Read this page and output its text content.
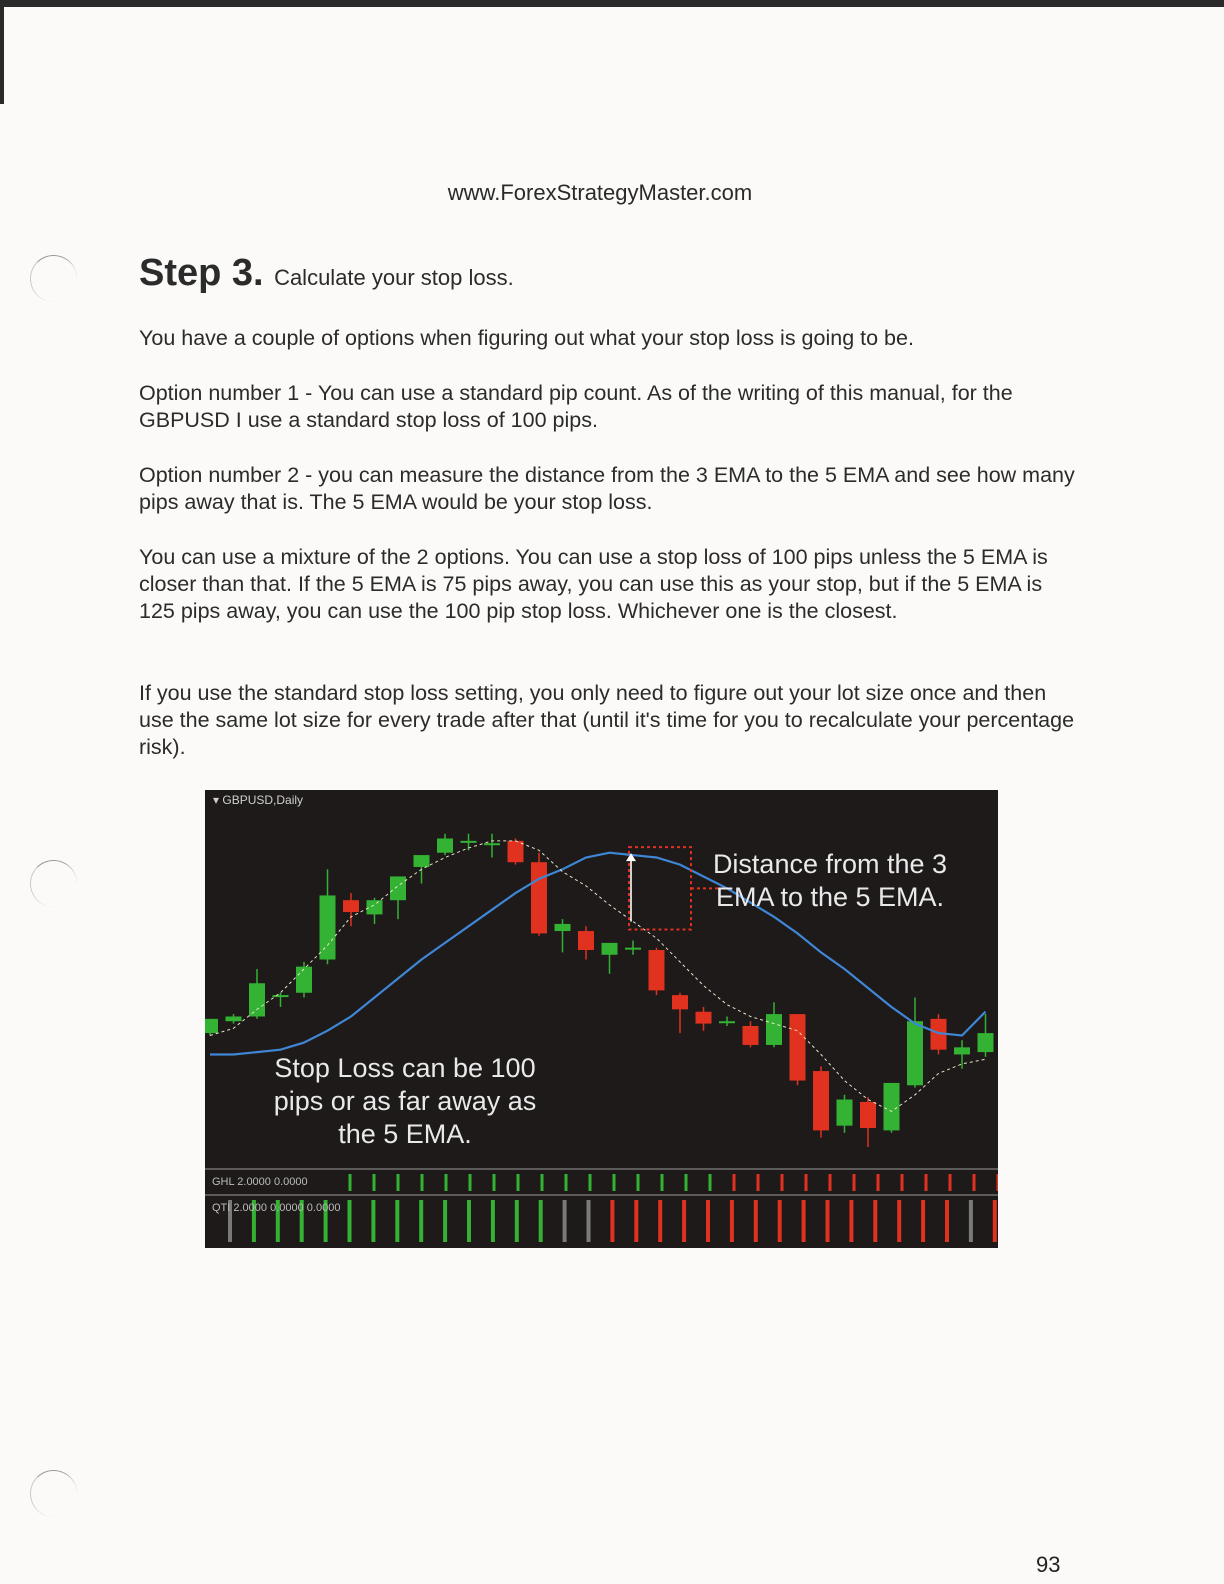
www.ForexStrategyMaster.com
Step 3. Calculate your stop loss.

You have a couple of options when figuring out what your stop loss is going to be.

Option number 1 - You can use a standard pip count. As of the writing of this manual, for the GBPUSD I use a standard stop loss of 100 pips.

Option number 2 - you can measure the distance from the 3 EMA to the 5 EMA and see how many pips away that is. The 5 EMA would be your stop loss.

You can use a mixture of the 2 options. You can use a stop loss of 100 pips unless the 5 EMA is closer than that. If the 5 EMA is 75 pips away, you can use this as your stop, but if the 5 EMA is 125 pips away, you can use the 100 pip stop loss. Whichever one is the closest.

If you use the standard stop loss setting, you only need to figure out your lot size once and then use the same lot size for every trade after that (until it's time for you to recalculate your percentage risk).

▾ GBPUSD,Daily
Distance from the 3 EMA to the 5 EMA.
Stop Loss can be 100 pips or as far away as the 5 EMA.
GHL 2.0000 0.0000
QTI 2.0000 0.0000 0.0000
93
